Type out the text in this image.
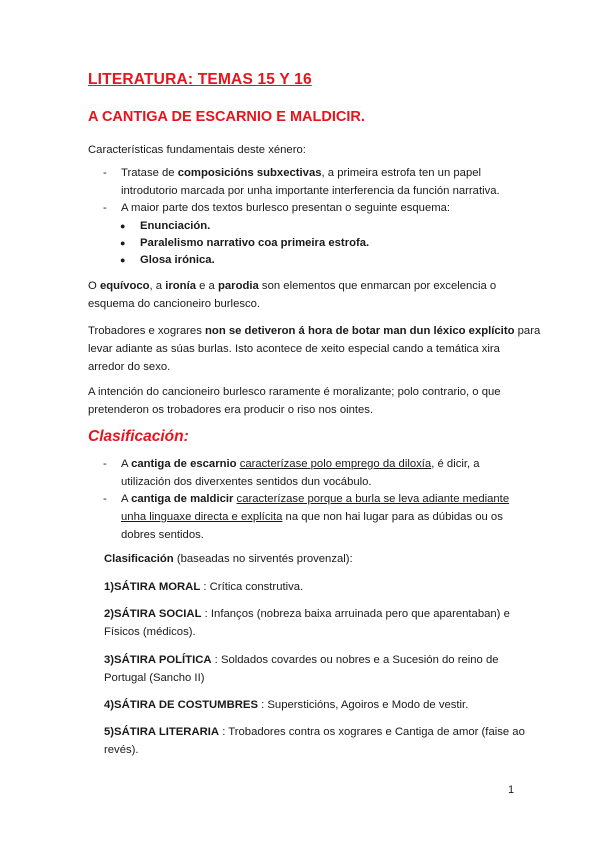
LITERATURA: TEMAS 15 Y 16
A CANTIGA DE ESCARNIO E MALDICIR.
Características fundamentais deste xénero:
- Tratase de composicións subxectivas, a primeira estrofa ten un papel
introdutorio marcada por unha importante interferencia da función narrativa.
- A maior parte dos textos burlesco presentan o seguinte esquema:
● Enunciación.
● Paralelismo narrativo coa primeira estrofa.
● Glosa irónica.
O equívoco, a ironía e a parodia son elementos que enmarcan por excelencia o
esquema do cancioneiro burlesco.
Trobadores e xograres non se detiveron á hora de botar man dun léxico explícito para
levar adiante as súas burlas. Isto acontece de xeito especial cando a temática xira
arredor do sexo.
A intención do cancioneiro burlesco raramente é moralizante; polo contrario, o que
pretenderon os trobadores era producir o riso nos ointes.
Clasificación:
- A cantiga de escarnio caracterízase polo emprego da diloxía, é dicir, a
utilización dos diverxentes sentidos dun vocábulo.
- A cantiga de maldicir caracterízase porque a burla se leva adiante mediante
unha linguaxe directa e explícita na que non hai lugar para as dúbidas ou os
dobres sentidos.
Clasificación (baseadas no sirventés provenzal):
1)SÁTIRA MORAL : Crítica construtiva.
2)SÁTIRA SOCIAL : Infanços (nobreza baixa arruinada pero que aparentaban) e
Físicos (médicos).
3)SÁTIRA POLÍTICA : Soldados covardes ou nobres e a Sucesión do reino de
Portugal (Sancho II)
4)SÁTIRA DE COSTUMBRES : Supersticións, Agoiros e Modo de vestir.
5)SÁTIRA LITERARIA : Trobadores contra os xograres e Cantiga de amor (faise ao
revés).
1
